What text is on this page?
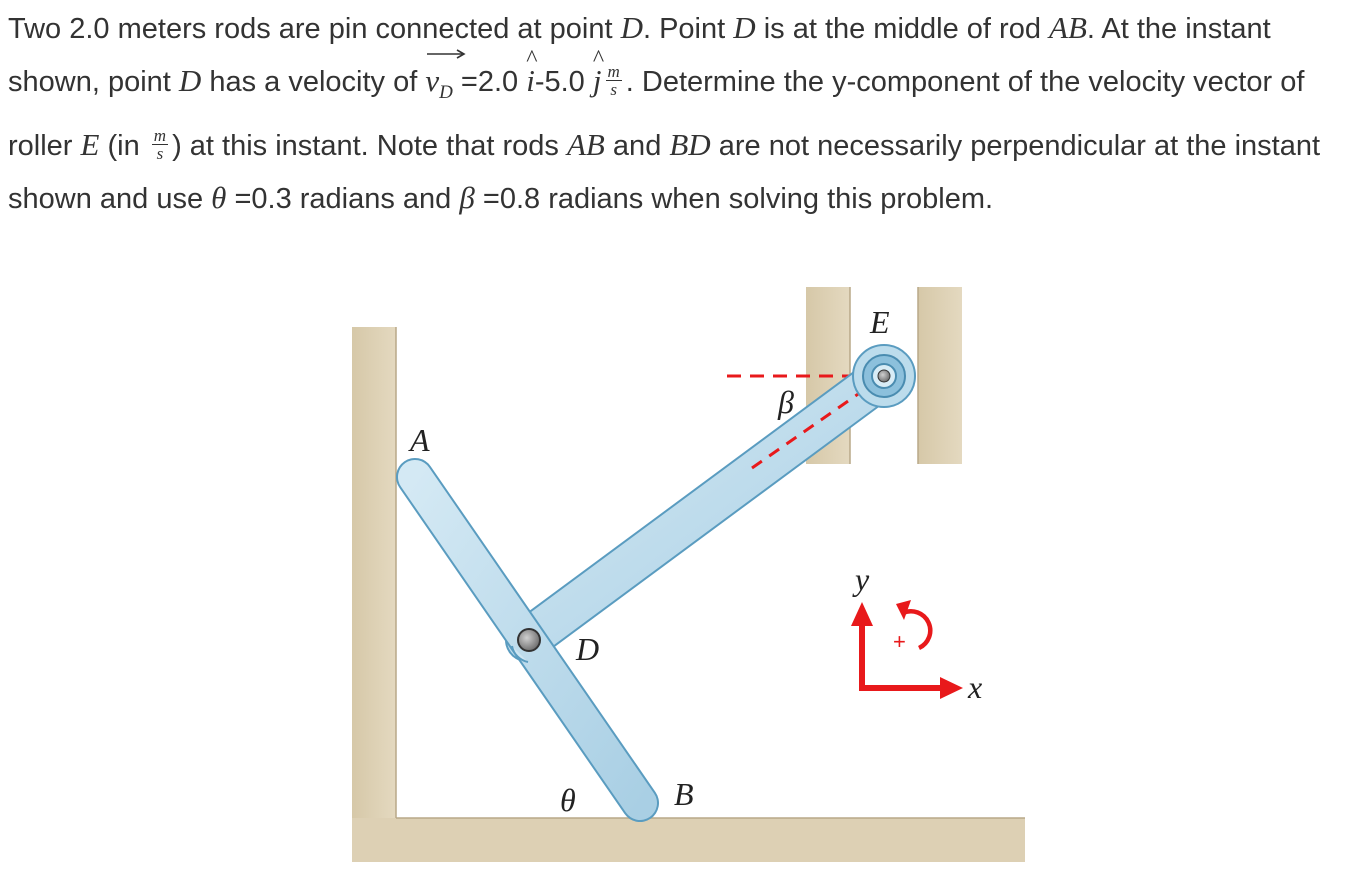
Two 2.0 meters rods are pin connected at point D. Point D is at the middle of rod AB. At the instant shown, point D has a velocity of
$v_D =2.0$
^
i-5.0
^
j $\frac{m}{s}$ . Determine the y-component of the velocity vector of roller E ($in \frac{m}{s}$ ) at this instant. Note that rods AB and BD are not necessarily perpendicular at the instant shown and use θ =0.3 radians and β =0.8 radians when solving this problem.
+
A
B
D
E
θ
β
y
x
